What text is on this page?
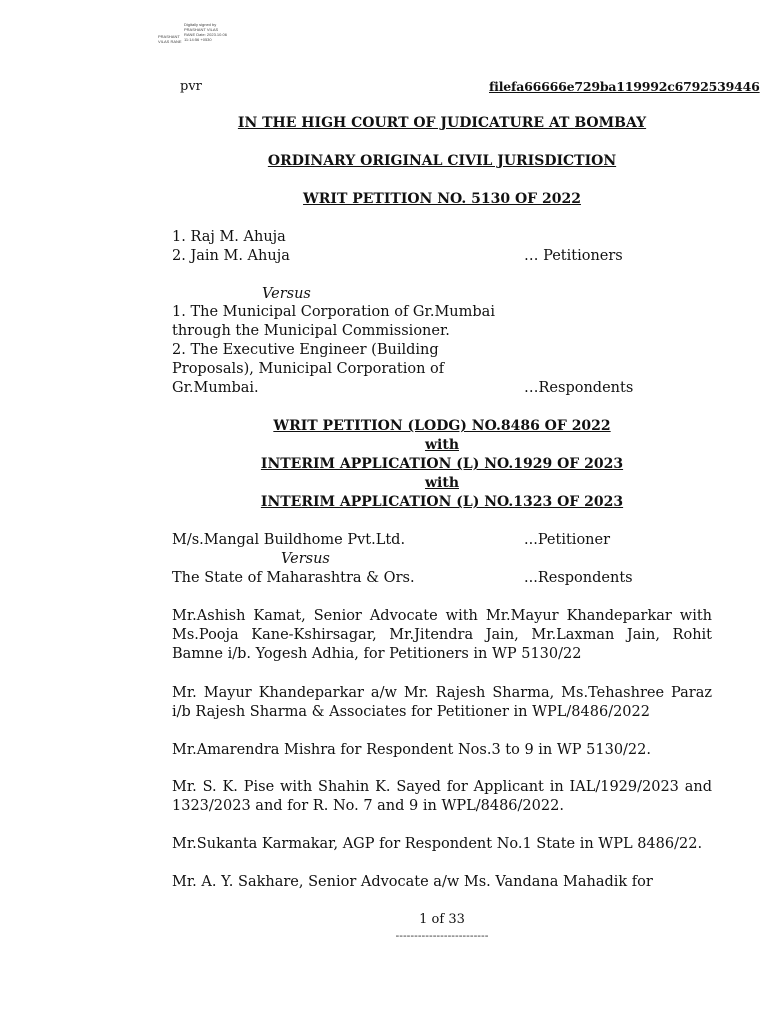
PRASHANT VILAS RANE
Digitally signed by PRASHANT VILAS RANE Date: 2023.10.06 11:14:56 +0530
pvr	filefa66666e729ba119992c6792539446
IN THE HIGH COURT OF JUDICATURE AT BOMBAY
ORDINARY ORIGINAL CIVIL JURISDICTION
WRIT PETITION NO. 5130 OF 2022
1. Raj M. Ahuja
2. Jain M. Ahuja	… Petitioners
Versus
1. The Municipal Corporation of Gr.Mumbai
through the Municipal Commissioner.
2. The Executive Engineer (Building
Proposals), Municipal Corporation of
Gr.Mumbai.	…Respondents
WRIT PETITION (LODG) NO.8486 OF 2022
with
INTERIM APPLICATION (L) NO.1929 OF 2023
with
INTERIM APPLICATION (L) NO.1323 OF 2023
M/s.Mangal Buildhome Pvt.Ltd.	...Petitioner
Versus
The State of Maharashtra & Ors.	...Respondents
Mr.Ashish Kamat, Senior Advocate with Mr.Mayur Khandeparkar with Ms.Pooja Kane-Kshirsagar, Mr.Jitendra Jain, Mr.Laxman Jain, Rohit Bamne i/b. Yogesh Adhia, for Petitioners in WP 5130/22
Mr. Mayur Khandeparkar a/w Mr. Rajesh Sharma, Ms.Tehashree Paraz i/b Rajesh Sharma & Associates for Petitioner in WPL/8486/2022
Mr.Amarendra Mishra for Respondent Nos.3 to 9 in WP 5130/22.
Mr. S. K. Pise with Shahin K. Sayed for Applicant in IAL/1929/2023 and 1323/2023 and for R. No. 7 and 9 in WPL/8486/2022.
Mr.Sukanta Karmakar, AGP for Respondent No.1 State in WPL 8486/22.
Mr. A. Y. Sakhare, Senior Advocate a/w Ms. Vandana Mahadik for
1 of 33
-------------------------
